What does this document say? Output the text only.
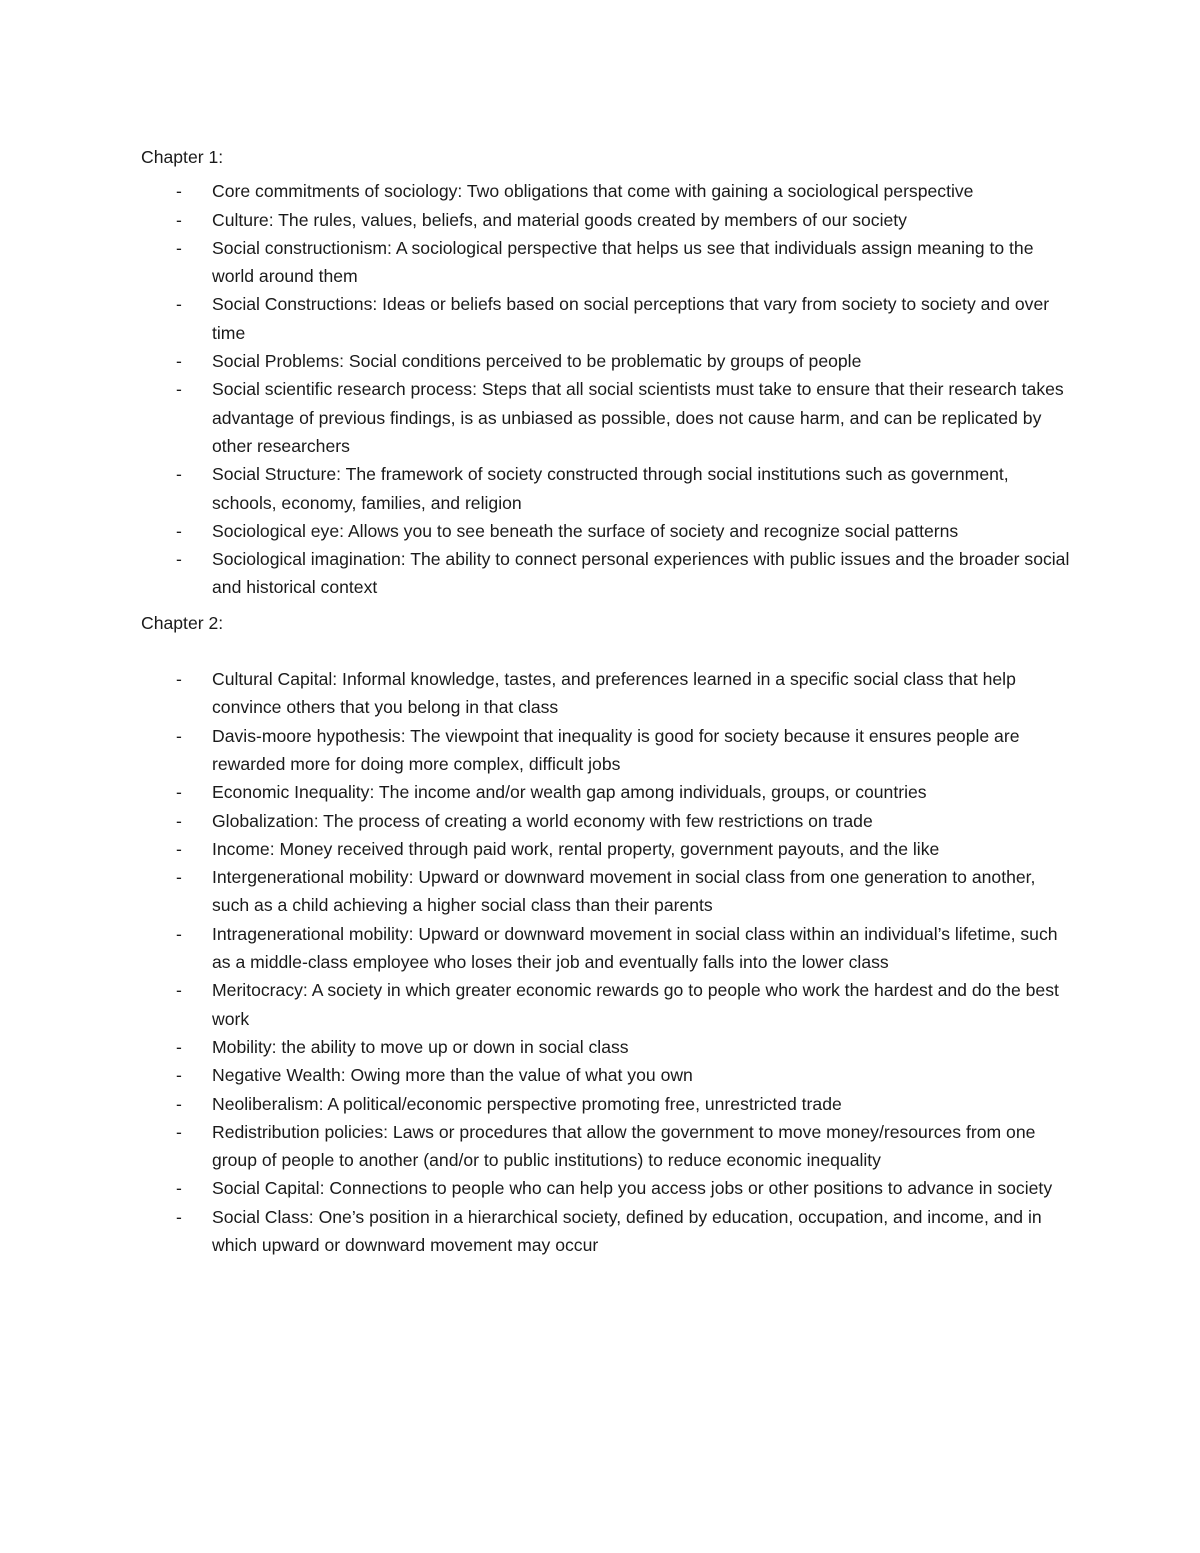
Chapter 1:
- Core commitments of sociology: Two obligations that come with gaining a sociological perspective
- Culture: The rules, values, beliefs, and material goods created by members of our society
- Social constructionism: A sociological perspective that helps us see that individuals assign meaning to the world around them
- Social Constructions: Ideas or beliefs based on social perceptions that vary from society to society and over time
- Social Problems: Social conditions perceived to be problematic by groups of people
- Social scientific research process: Steps that all social scientists must take to ensure that their research takes advantage of previous findings, is as unbiased as possible, does not cause harm, and can be replicated by other researchers
- Social Structure: The framework of society constructed through social institutions such as government, schools, economy, families, and religion
- Sociological eye: Allows you to see beneath the surface of society and recognize social patterns
- Sociological imagination: The ability to connect personal experiences with public issues and the broader social and historical context
Chapter 2:
- Cultural Capital: Informal knowledge, tastes, and preferences learned in a specific social class that help convince others that you belong in that class
- Davis-moore hypothesis: The viewpoint that inequality is good for society because it ensures people are rewarded more for doing more complex, difficult jobs
- Economic Inequality: The income and/or wealth gap among individuals, groups, or countries
- Globalization: The process of creating a world economy with few restrictions on trade
- Income: Money received through paid work, rental property, government payouts, and the like
- Intergenerational mobility: Upward or downward movement in social class from one generation to another, such as a child achieving a higher social class than their parents
- Intragenerational mobility: Upward or downward movement in social class within an individual’s lifetime, such as a middle-class employee who loses their job and eventually falls into the lower class
- Meritocracy: A society in which greater economic rewards go to people who work the hardest and do the best work
- Mobility: the ability to move up or down in social class
- Negative Wealth: Owing more than the value of what you own
- Neoliberalism: A political/economic perspective promoting free, unrestricted trade
- Redistribution policies: Laws or procedures that allow the government to move money/resources from one group of people to another (and/or to public institutions) to reduce economic inequality
- Social Capital: Connections to people who can help you access jobs or other positions to advance in society
- Social Class: One’s position in a hierarchical society, defined by education, occupation, and income, and in which upward or downward movement may occur
